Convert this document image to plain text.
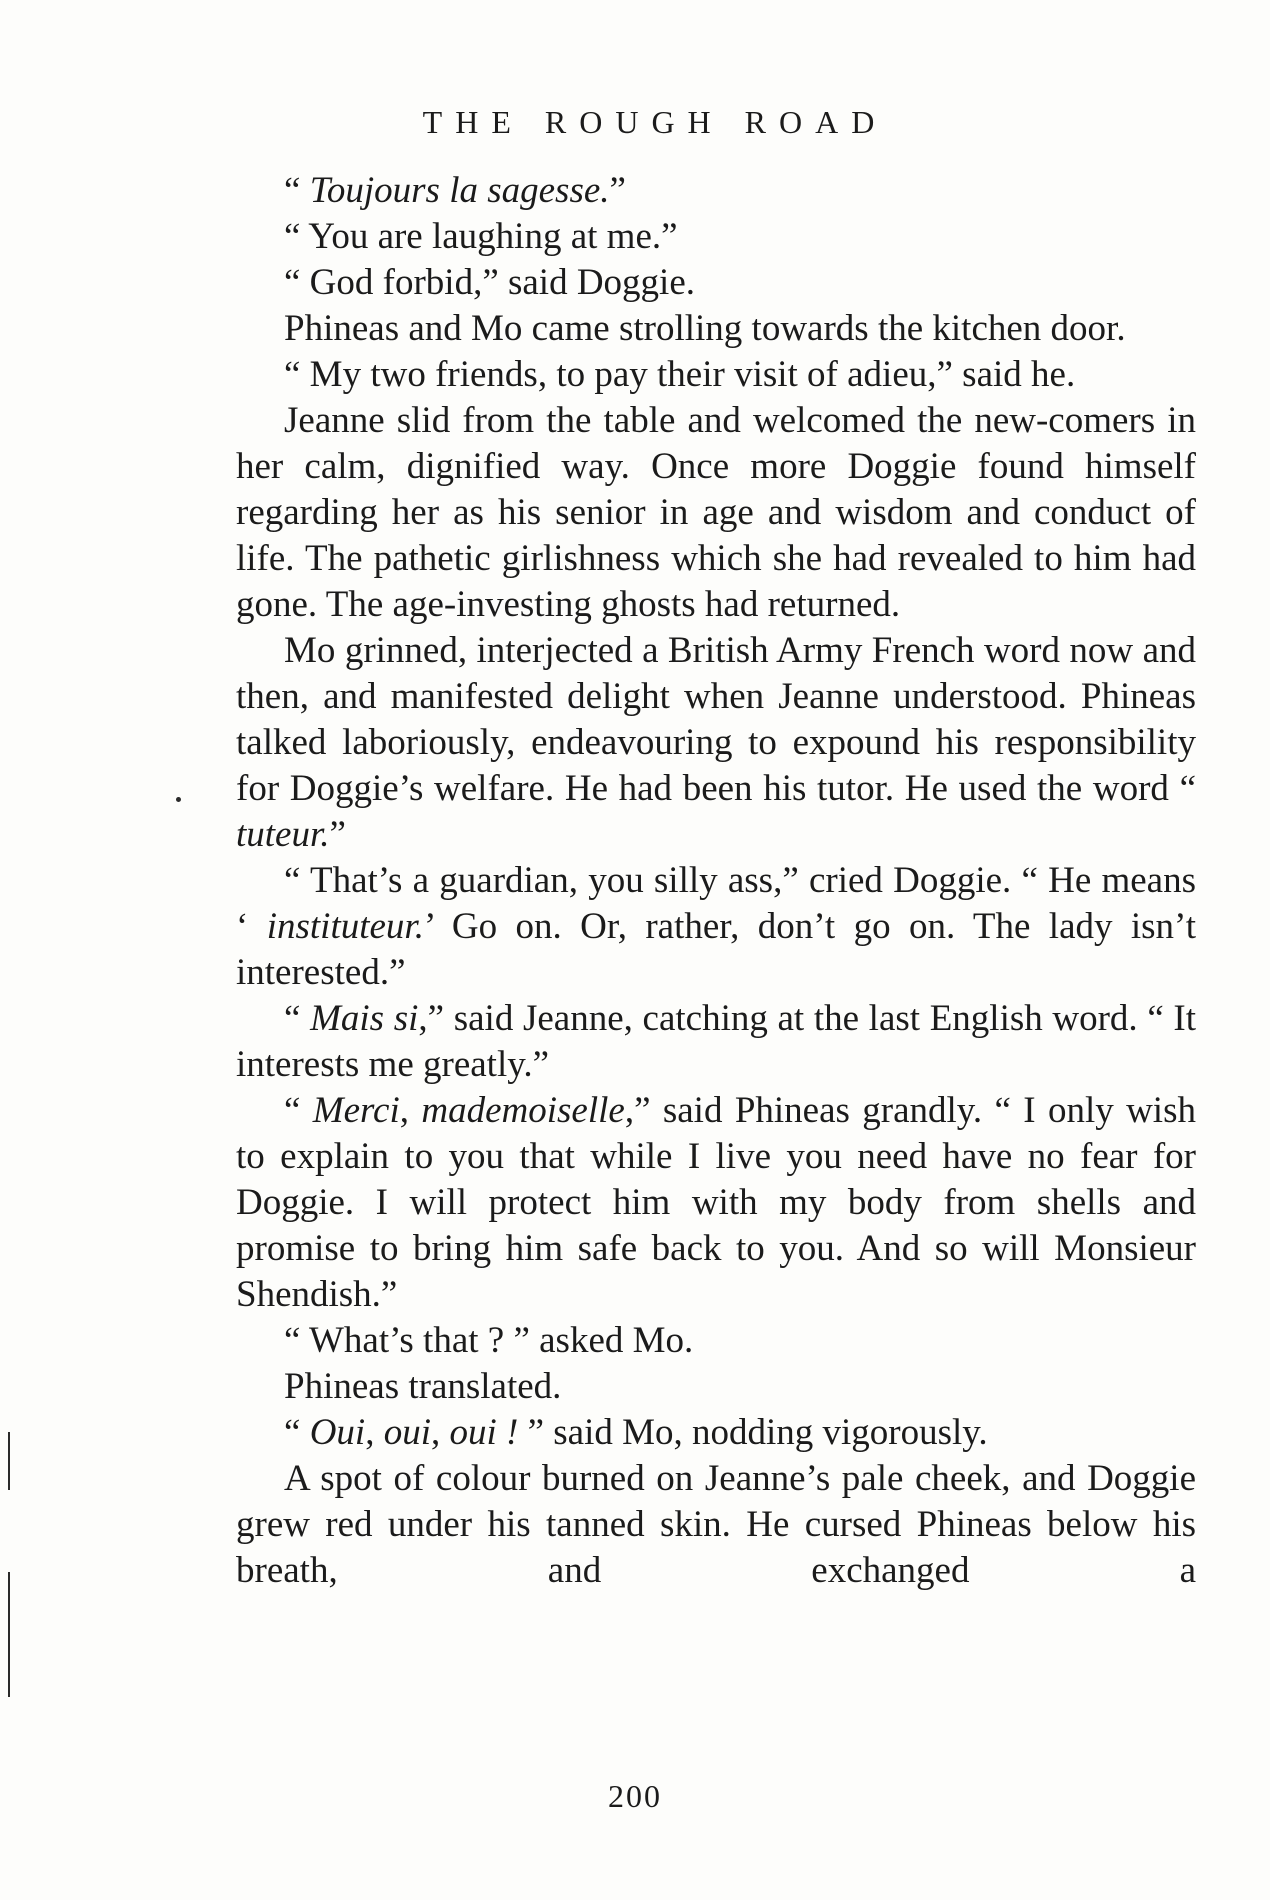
THE ROUGH ROAD

“ Toujours la sagesse.”

“ You are laughing at me.”

“ God forbid,” said Doggie.

Phineas and Mo came strolling towards the kitchen door.

“ My two friends, to pay their visit of adieu,” said he.

Jeanne slid from the table and welcomed the new-comers in her calm, dignified way. Once more Doggie found himself regarding her as his senior in age and wisdom and conduct of life. The pathetic girlishness which she had revealed to him had gone. The age-investing ghosts had returned.

Mo grinned, interjected a British Army French word now and then, and manifested delight when Jeanne understood. Phineas talked laboriously, endeavouring to expound his responsibility for Doggie’s welfare. He had been his tutor. He used the word “ tuteur.”

“ That’s a guardian, you silly ass,” cried Doggie. “ He means ‘ instituteur.’ Go on. Or, rather, don’t go on. The lady isn’t interested.”

“ Mais si,” said Jeanne, catching at the last English word. “ It interests me greatly.”

“ Merci, mademoiselle,” said Phineas grandly. “ I only wish to explain to you that while I live you need have no fear for Doggie. I will protect him with my body from shells and promise to bring him safe back to you. And so will Monsieur Shendish.”

“ What’s that ? ” asked Mo.

Phineas translated.

“ Oui, oui, oui ! ” said Mo, nodding vigorously.

A spot of colour burned on Jeanne’s pale cheek, and Doggie grew red under his tanned skin. He cursed Phineas below his breath, and exchanged a

200
